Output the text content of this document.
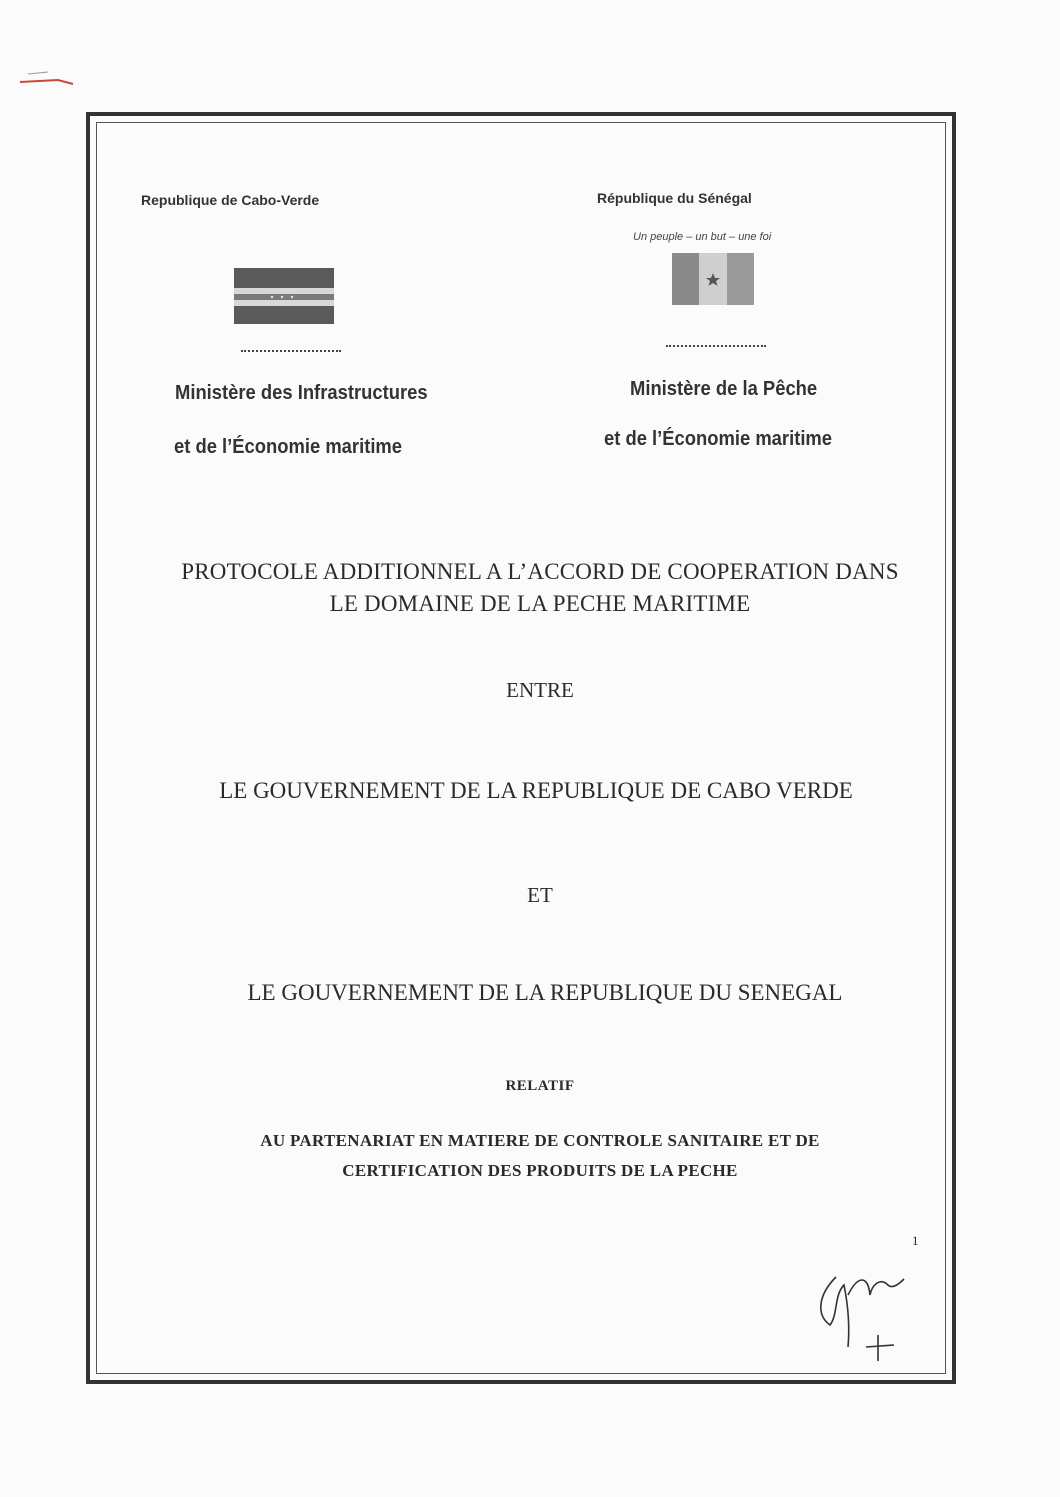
Republique de Cabo-Verde
Ministère des Infrastructures
et de l’Économie maritime
République du Sénégal
Un peuple – un but – une foi
Ministère de la Pêche
et de l’Économie maritime
PROTOCOLE ADDITIONNEL A L’ACCORD DE COOPERATION DANS
LE DOMAINE DE LA PECHE MARITIME
ENTRE
LE GOUVERNEMENT DE LA REPUBLIQUE DE CABO VERDE
ET
LE GOUVERNEMENT DE LA REPUBLIQUE DU SENEGAL
RELATIF
AU PARTENARIAT EN MATIERE DE CONTROLE SANITAIRE ET DE
CERTIFICATION DES PRODUITS DE LA PECHE
1
